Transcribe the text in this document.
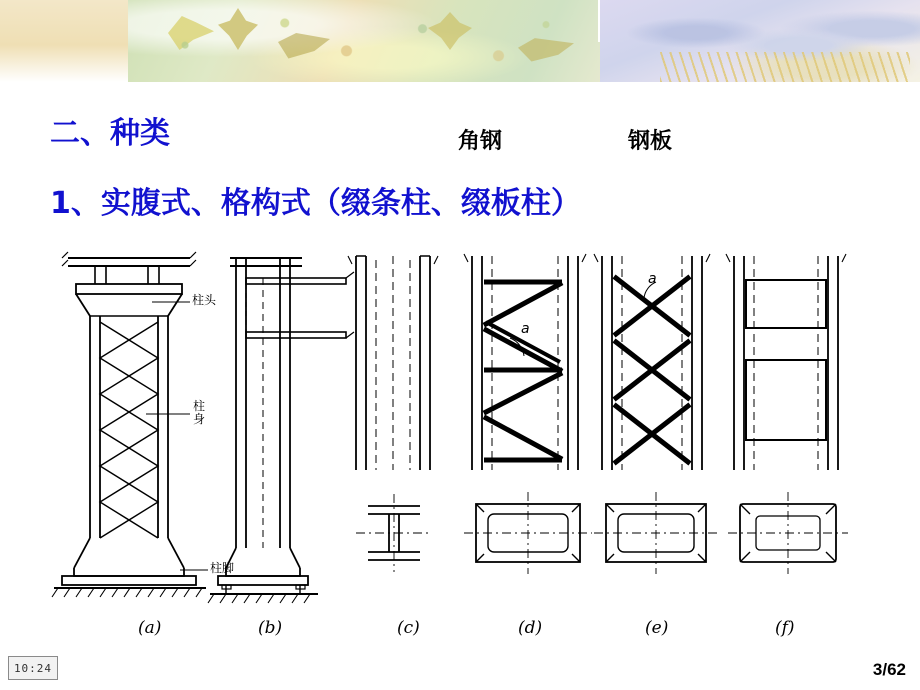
二、种类	角钢	钢板
1、实腹式、格构式（缀条柱、缀板柱）
柱头
柱身
柱脚
a
a
(a)	(b)	(c)	(d)	(e)	(f)
10:24	3/62
